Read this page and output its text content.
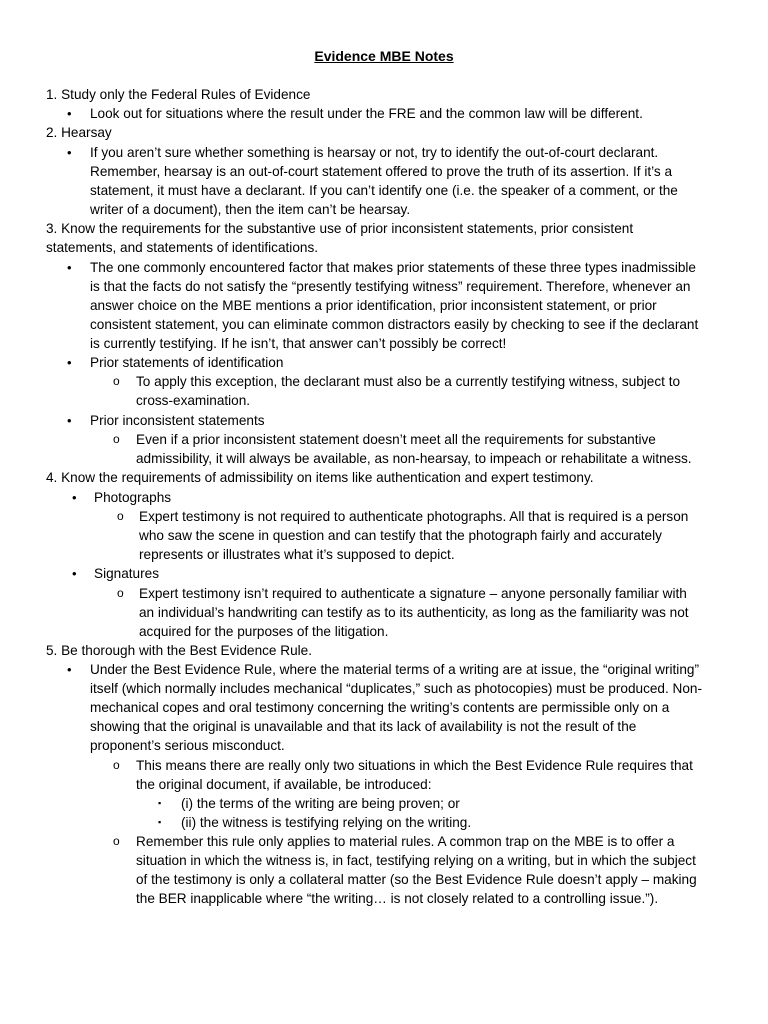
Evidence MBE Notes
1. Study only the Federal Rules of Evidence
• Look out for situations where the result under the FRE and the common law will be different.
2. Hearsay
• If you aren’t sure whether something is hearsay or not, try to identify the out-of-court declarant.
Remember, hearsay is an out-of-court statement offered to prove the truth of its assertion. If it’s a
statement, it must have a declarant. If you can’t identify one (i.e. the speaker of a comment, or the
writer of a document), then the item can’t be hearsay.
3. Know the requirements for the substantive use of prior inconsistent statements, prior consistent
statements, and statements of identifications.
• The one commonly encountered factor that makes prior statements of these three types inadmissible
is that the facts do not satisfy the “presently testifying witness” requirement. Therefore, whenever an
answer choice on the MBE mentions a prior identification, prior inconsistent statement, or prior
consistent statement, you can eliminate common distractors easily by checking to see if the declarant
is currently testifying. If he isn’t, that answer can’t possibly be correct!
• Prior statements of identification
o To apply this exception, the declarant must also be a currently testifying witness, subject to
cross-examination.
• Prior inconsistent statements
o Even if a prior inconsistent statement doesn’t meet all the requirements for substantive
admissibility, it will always be available, as non-hearsay, to impeach or rehabilitate a witness.
4. Know the requirements of admissibility on items like authentication and expert testimony.
• Photographs
o Expert testimony is not required to authenticate photographs. All that is required is a person
who saw the scene in question and can testify that the photograph fairly and accurately
represents or illustrates what it’s supposed to depict.
• Signatures
o Expert testimony isn’t required to authenticate a signature – anyone personally familiar with
an individual’s handwriting can testify as to its authenticity, as long as the familiarity was not
acquired for the purposes of the litigation.
5. Be thorough with the Best Evidence Rule.
• Under the Best Evidence Rule, where the material terms of a writing are at issue, the “original writing”
itself (which normally includes mechanical “duplicates,” such as photocopies) must be produced. Non-
mechanical copes and oral testimony concerning the writing’s contents are permissible only on a
showing that the original is unavailable and that its lack of availability is not the result of the
proponent’s serious misconduct.
o This means there are really only two situations in which the Best Evidence Rule requires that
the original document, if available, be introduced:
▪ (i) the terms of the writing are being proven; or
▪ (ii) the witness is testifying relying on the writing.
o Remember this rule only applies to material rules. A common trap on the MBE is to offer a
situation in which the witness is, in fact, testifying relying on a writing, but in which the subject
of the testimony is only a collateral matter (so the Best Evidence Rule doesn’t apply – making
the BER inapplicable where “the writing… is not closely related to a controlling issue.”).
